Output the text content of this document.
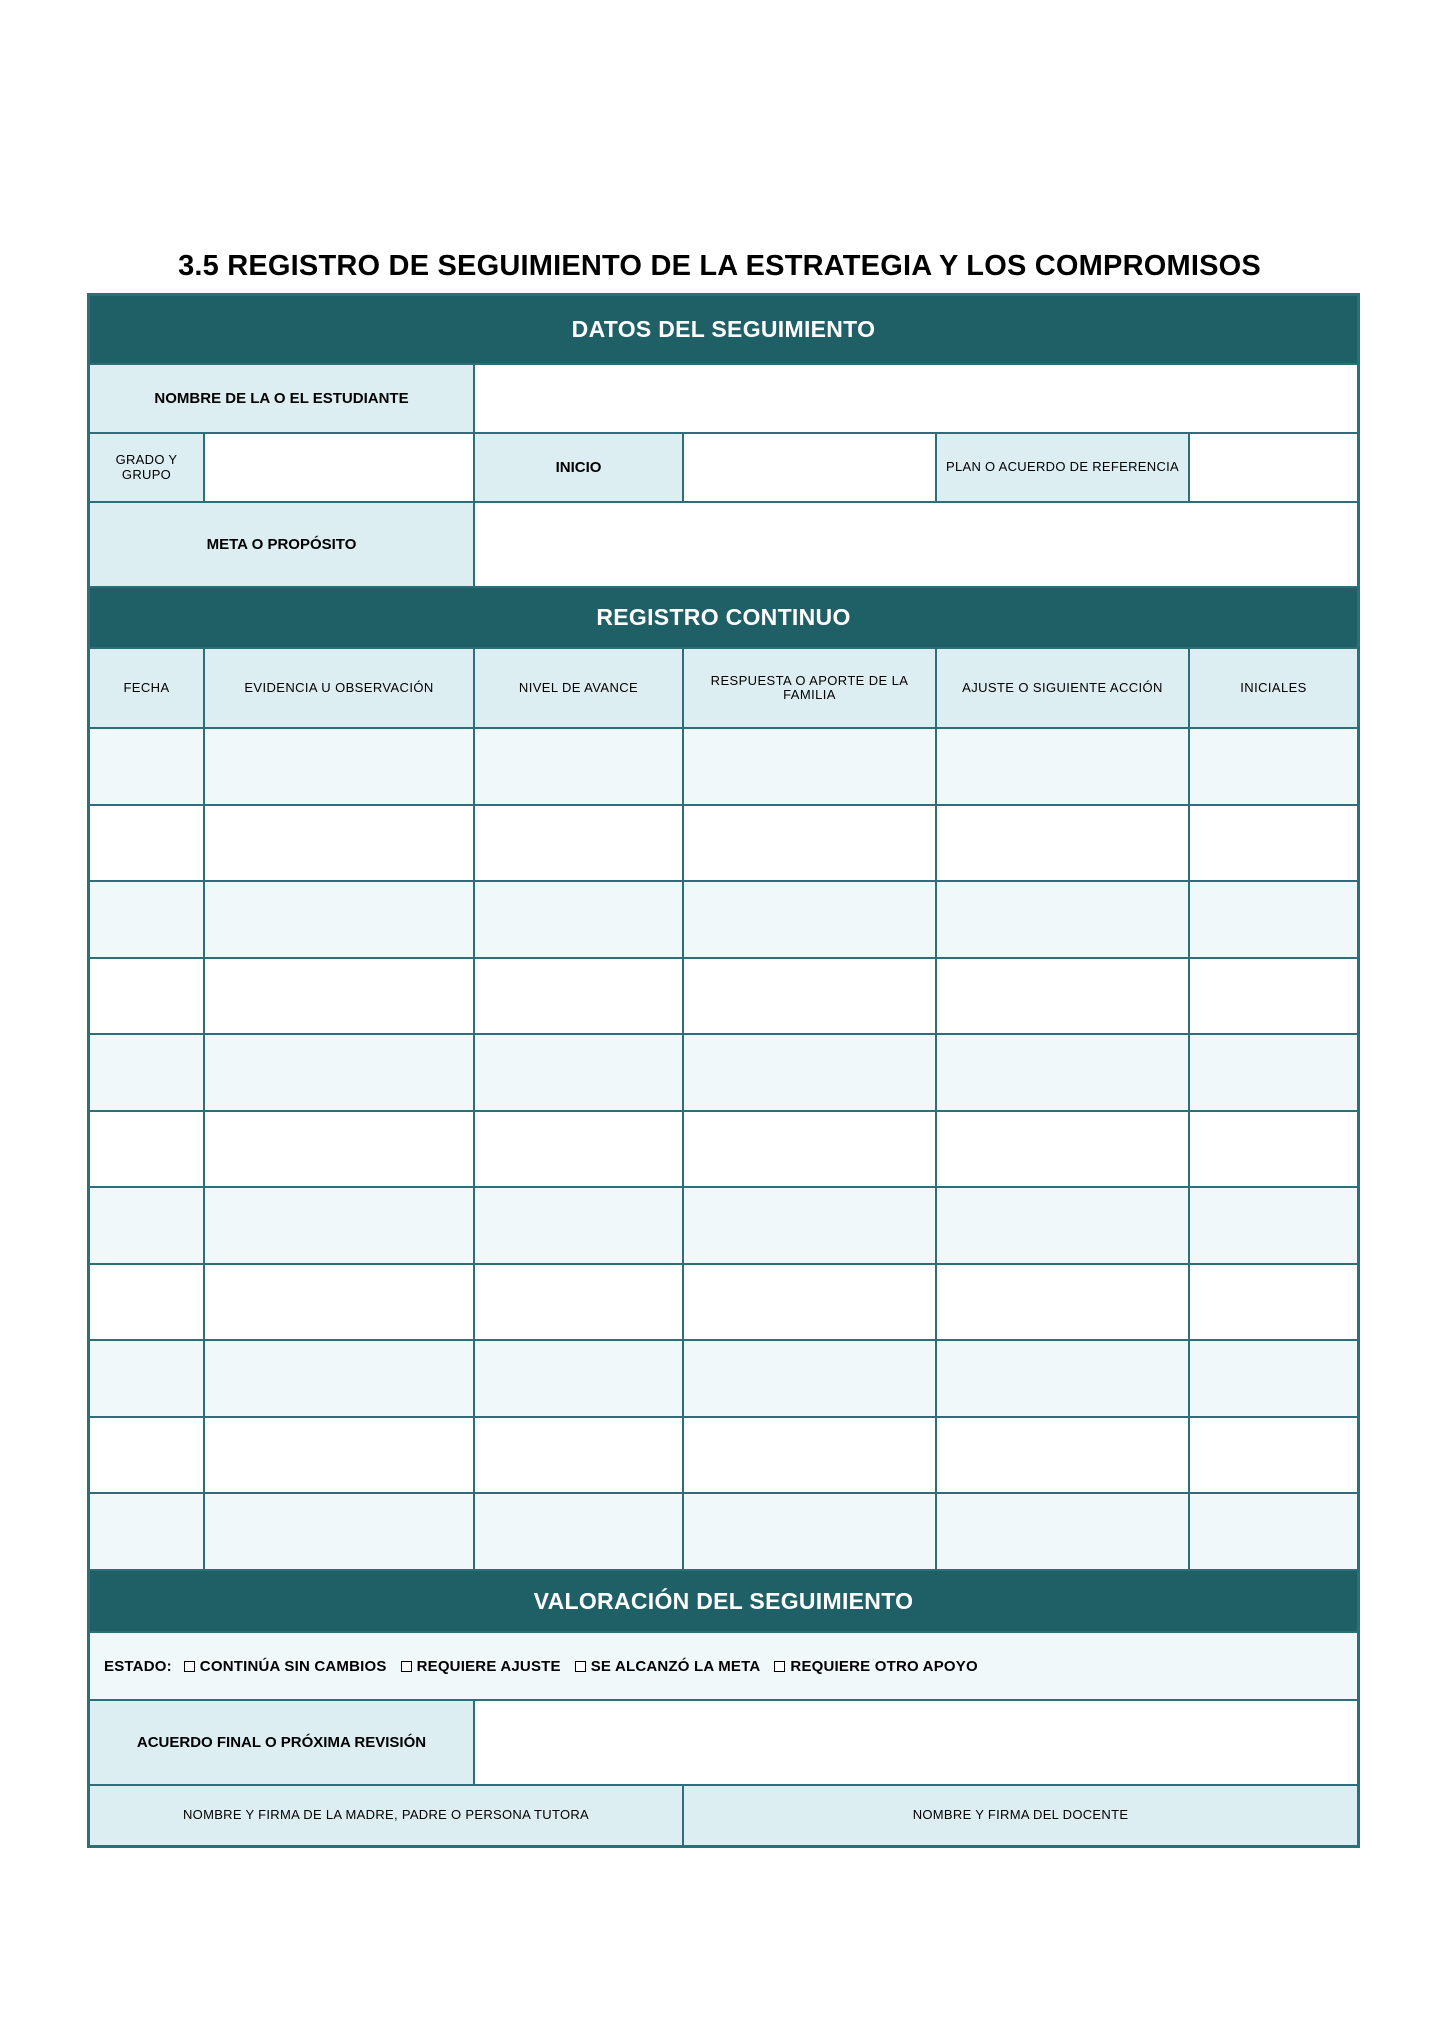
3.5 REGISTRO DE SEGUIMIENTO DE LA ESTRATEGIA Y LOS COMPROMISOS
DATOS DEL SEGUIMIENTO
NOMBRE DE LA O EL ESTUDIANTE
GRADO Y GRUPO	INICIO	PLAN O ACUERDO DE REFERENCIA
META O PROPÓSITO
REGISTRO CONTINUO
FECHA	EVIDENCIA U OBSERVACIÓN	NIVEL DE AVANCE	RESPUESTA O APORTE DE LA FAMILIA	AJUSTE O SIGUIENTE ACCIÓN	INICIALES
VALORACIÓN DEL SEGUIMIENTO
ESTADO: CONTINÚA SIN CAMBIOS REQUIERE AJUSTE SE ALCANZÓ LA META REQUIERE OTRO APOYO
ACUERDO FINAL O PRÓXIMA REVISIÓN
NOMBRE Y FIRMA DE LA MADRE, PADRE O PERSONA TUTORA	NOMBRE Y FIRMA DEL DOCENTE
